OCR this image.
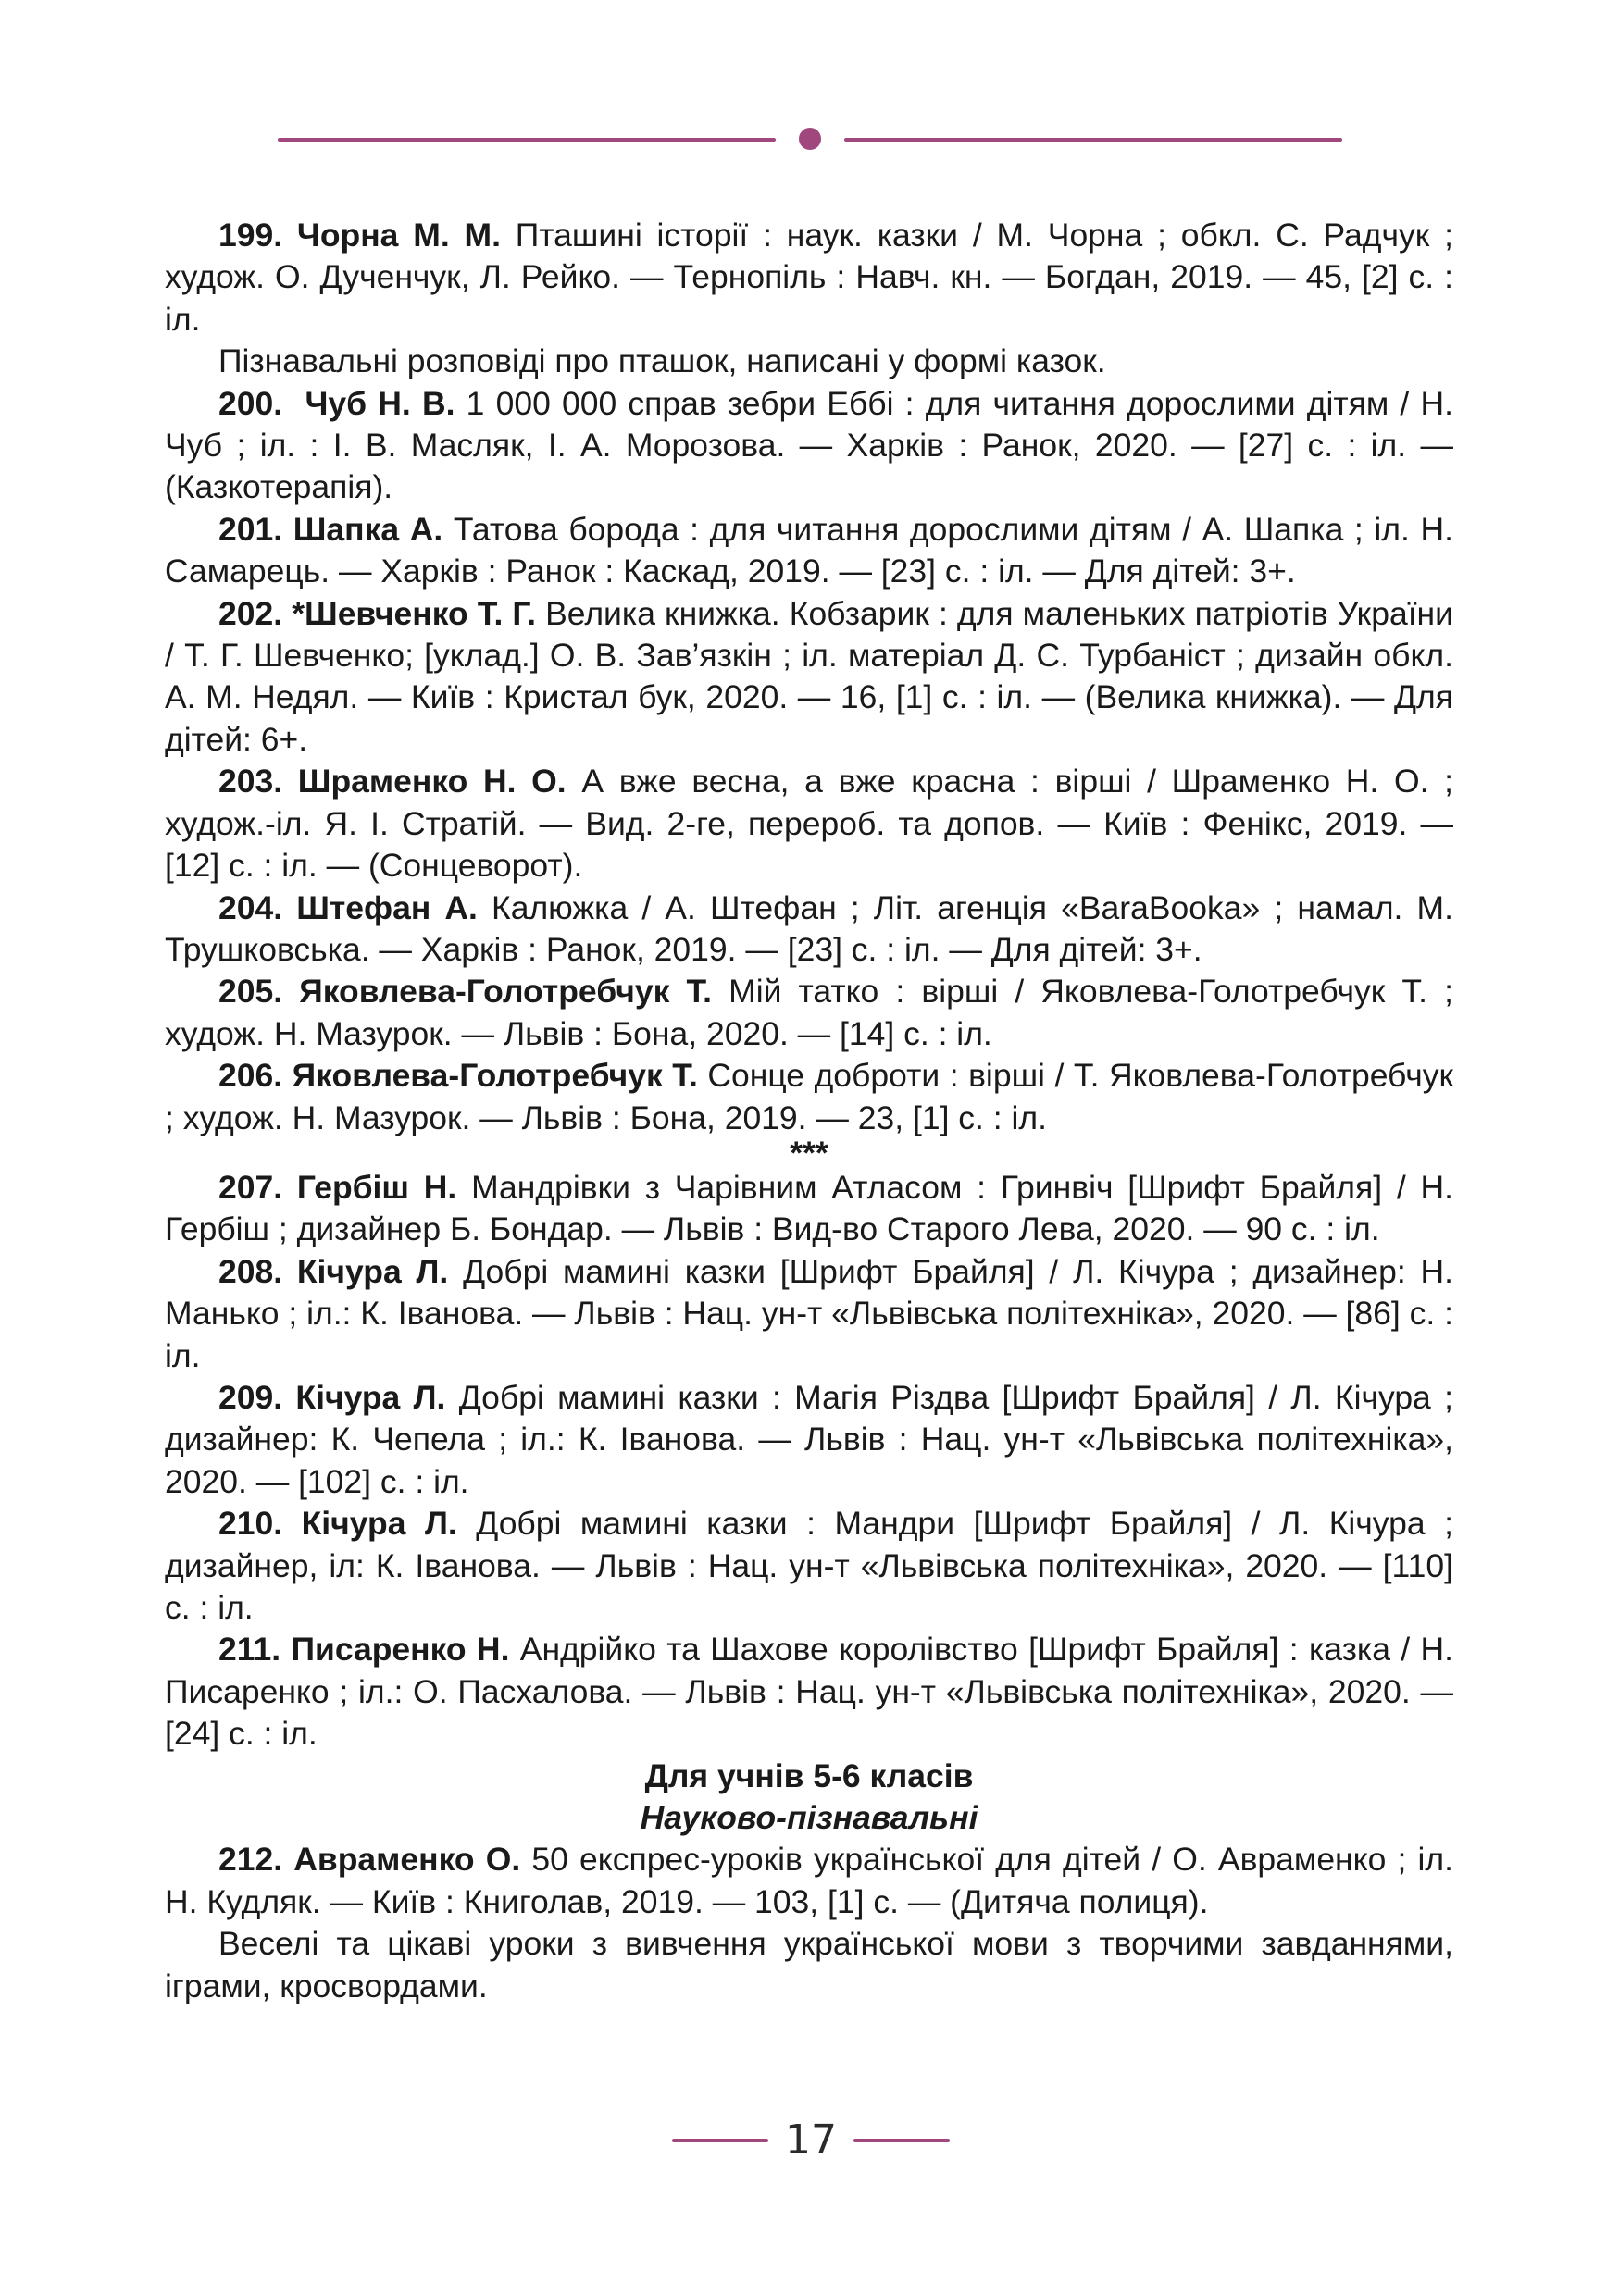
199. Чорна М. М. Пташині історії : наук. казки / М. Чорна ; обкл. С. Радчук ; худож. О. Дученчук, Л. Рейко. — Тернопіль : Навч. кн. — Богдан, 2019. — 45, [2] с. : іл.

Пізнавальні розповіді про пташок, написані у формі казок.

200. Чуб Н. В. 1 000 000 справ зебри Еббі : для читання дорослими дітям / Н. Чуб ; іл. : І. В. Масляк, І. А. Морозова. — Харків : Ранок, 2020. — [27] с. : іл. — (Казкотерапія).

201. Шапка А. Татова борода : для читання дорослими дітям / А. Шапка ; іл. Н. Самарець. — Харків : Ранок : Каскад, 2019. — [23] с. : іл. — Для дітей: 3+.

202. *Шевченко Т. Г. Велика книжка. Кобзарик : для маленьких патріотів України / Т. Г. Шевченко; [уклад.] О. В. Зав’язкін ; іл. матеріал Д. С. Турбаніст ; дизайн обкл. А. М. Недял. — Київ : Кристал бук, 2020. — 16, [1] с. : іл. — (Велика книжка). — Для дітей: 6+.

203. Шраменко Н. О. А вже весна, а вже красна : вірші / Шраменко Н. О. ; худож.-іл. Я. І. Стратій. — Вид. 2-ге, перероб. та допов. — Київ : Фенікс, 2019. — [12] с. : іл. — (Сонцеворот).

204. Штефан А. Калюжка / А. Штефан ; Літ. агенція «BaraBooka» ; намал. М. Трушковська. — Харків : Ранок, 2019. — [23] с. : іл. — Для дітей: 3+.

205. Яковлева-Голотребчук Т. Мій татко : вірші / Яковлева-Голотребчук Т. ; худож. Н. Мазурок. — Львів : Бона, 2020. — [14] с. : іл.

206. Яковлева-Голотребчук Т. Сонце доброти : вірші / Т. Яковлева-Голотребчук ; худож. Н. Мазурок. — Львів : Бона, 2019. — 23, [1] с. : іл.

***

207. Гербіш Н. Мандрівки з Чарівним Атласом : Гринвіч [Шрифт Брайля] / Н. Гербіш ; дизайнер Б. Бондар. — Львів : Вид-во Старого Лева, 2020. — 90 с. : іл.

208. Кічура Л. Добрі мамині казки [Шрифт Брайля] / Л. Кічура ; дизайнер: Н. Манько ; іл.: К. Іванова. — Львів : Нац. ун-т «Львівська політехніка», 2020. — [86] с. : іл.

209. Кічура Л. Добрі мамині казки : Магія Різдва [Шрифт Брайля] / Л. Кічура ; дизайнер: К. Чепела ; іл.: К. Іванова. — Львів : Нац. ун-т «Львівська політехніка», 2020. — [102] с. : іл.

210. Кічура Л. Добрі мамині казки : Мандри [Шрифт Брайля] / Л. Кічура ; дизайнер, іл: К. Іванова. — Львів : Нац. ун-т «Львівська політехніка», 2020. — [110] с. : іл.

211. Писаренко Н. Андрійко та Шахове королівство [Шрифт Брайля] : казка / Н. Писаренко ; іл.: О. Пасхалова. — Львів : Нац. ун-т «Львівська політехніка», 2020. — [24] с. : іл.

Для учнів 5-6 класів

Науково-пізнавальні

212. Авраменко О. 50 експрес-уроків української для дітей / О. Авраменко ; іл. Н. Кудляк. — Київ : Книголав, 2019. — 103, [1] с. — (Дитяча полиця).

Веселі та цікаві уроки з вивчення української мови з творчими завданнями, іграми, кросвордами.

17
